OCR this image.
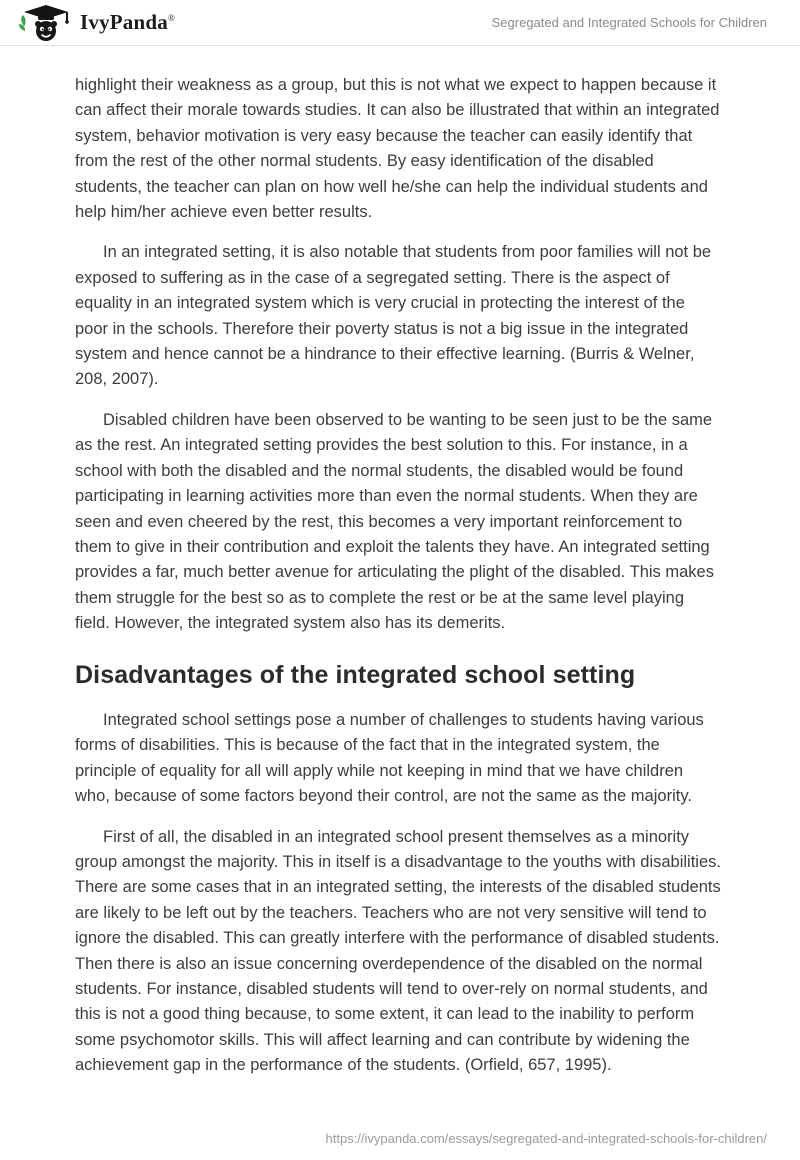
IvyPanda®	Segregated and Integrated Schools for Children

highlight their weakness as a group, but this is not what we expect to happen because it can affect their morale towards studies. It can also be illustrated that within an integrated system, behavior motivation is very easy because the teacher can easily identify that from the rest of the other normal students. By easy identification of the disabled students, the teacher can plan on how well he/she can help the individual students and help him/her achieve even better results.

In an integrated setting, it is also notable that students from poor families will not be exposed to suffering as in the case of a segregated setting. There is the aspect of equality in an integrated system which is very crucial in protecting the interest of the poor in the schools. Therefore their poverty status is not a big issue in the integrated system and hence cannot be a hindrance to their effective learning. (Burris & Welner, 208, 2007).

Disabled children have been observed to be wanting to be seen just to be the same as the rest. An integrated setting provides the best solution to this. For instance, in a school with both the disabled and the normal students, the disabled would be found participating in learning activities more than even the normal students. When they are seen and even cheered by the rest, this becomes a very important reinforcement to them to give in their contribution and exploit the talents they have. An integrated setting provides a far, much better avenue for articulating the plight of the disabled. This makes them struggle for the best so as to complete the rest or be at the same level playing field. However, the integrated system also has its demerits.

Disadvantages of the integrated school setting

Integrated school settings pose a number of challenges to students having various forms of disabilities. This is because of the fact that in the integrated system, the principle of equality for all will apply while not keeping in mind that we have children who, because of some factors beyond their control, are not the same as the majority.

First of all, the disabled in an integrated school present themselves as a minority group amongst the majority. This in itself is a disadvantage to the youths with disabilities. There are some cases that in an integrated setting, the interests of the disabled students are likely to be left out by the teachers. Teachers who are not very sensitive will tend to ignore the disabled. This can greatly interfere with the performance of disabled students. Then there is also an issue concerning overdependence of the disabled on the normal students. For instance, disabled students will tend to over-rely on normal students, and this is not a good thing because, to some extent, it can lead to the inability to perform some psychomotor skills. This will affect learning and can contribute by widening the achievement gap in the performance of the students. (Orfield, 657, 1995).

https://ivypanda.com/essays/segregated-and-integrated-schools-for-children/
